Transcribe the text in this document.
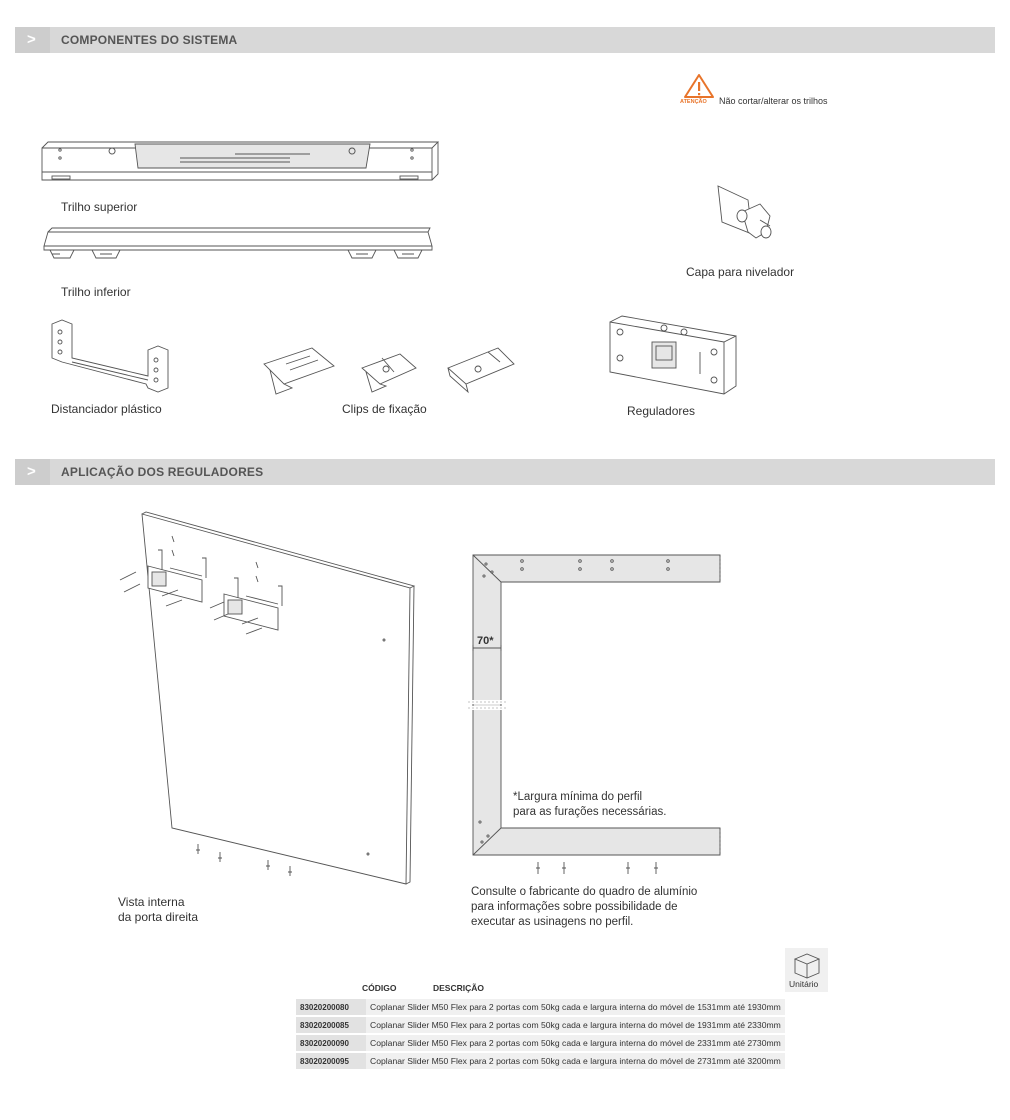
> COMPONENTES DO SISTEMA
ATENÇÃO Não cortar/alterar os trilhos
Trilho superior
Trilho inferior
Capa para nivelador
Distanciador plástico	Clips de fixação	Reguladores
> APLICAÇÃO DOS REGULADORES
Vista interna
da porta direita
70*
*Largura mínima do perfil
para as furações necessárias.
Consulte o fabricante do quadro de alumínio
para informações sobre possibilidade de
executar as usinagens no perfil.
Unitário
CÓDIGO	DESCRIÇÃO
83020200080	Coplanar Slider M50 Flex para 2 portas com 50kg cada e largura interna do móvel de 1531mm até 1930mm
83020200085	Coplanar Slider M50 Flex para 2 portas com 50kg cada e largura interna do móvel de 1931mm até 2330mm
83020200090	Coplanar Slider M50 Flex para 2 portas com 50kg cada e largura interna do móvel de 2331mm até 2730mm
83020200095	Coplanar Slider M50 Flex para 2 portas com 50kg cada e largura interna do móvel de 2731mm até 3200mm
